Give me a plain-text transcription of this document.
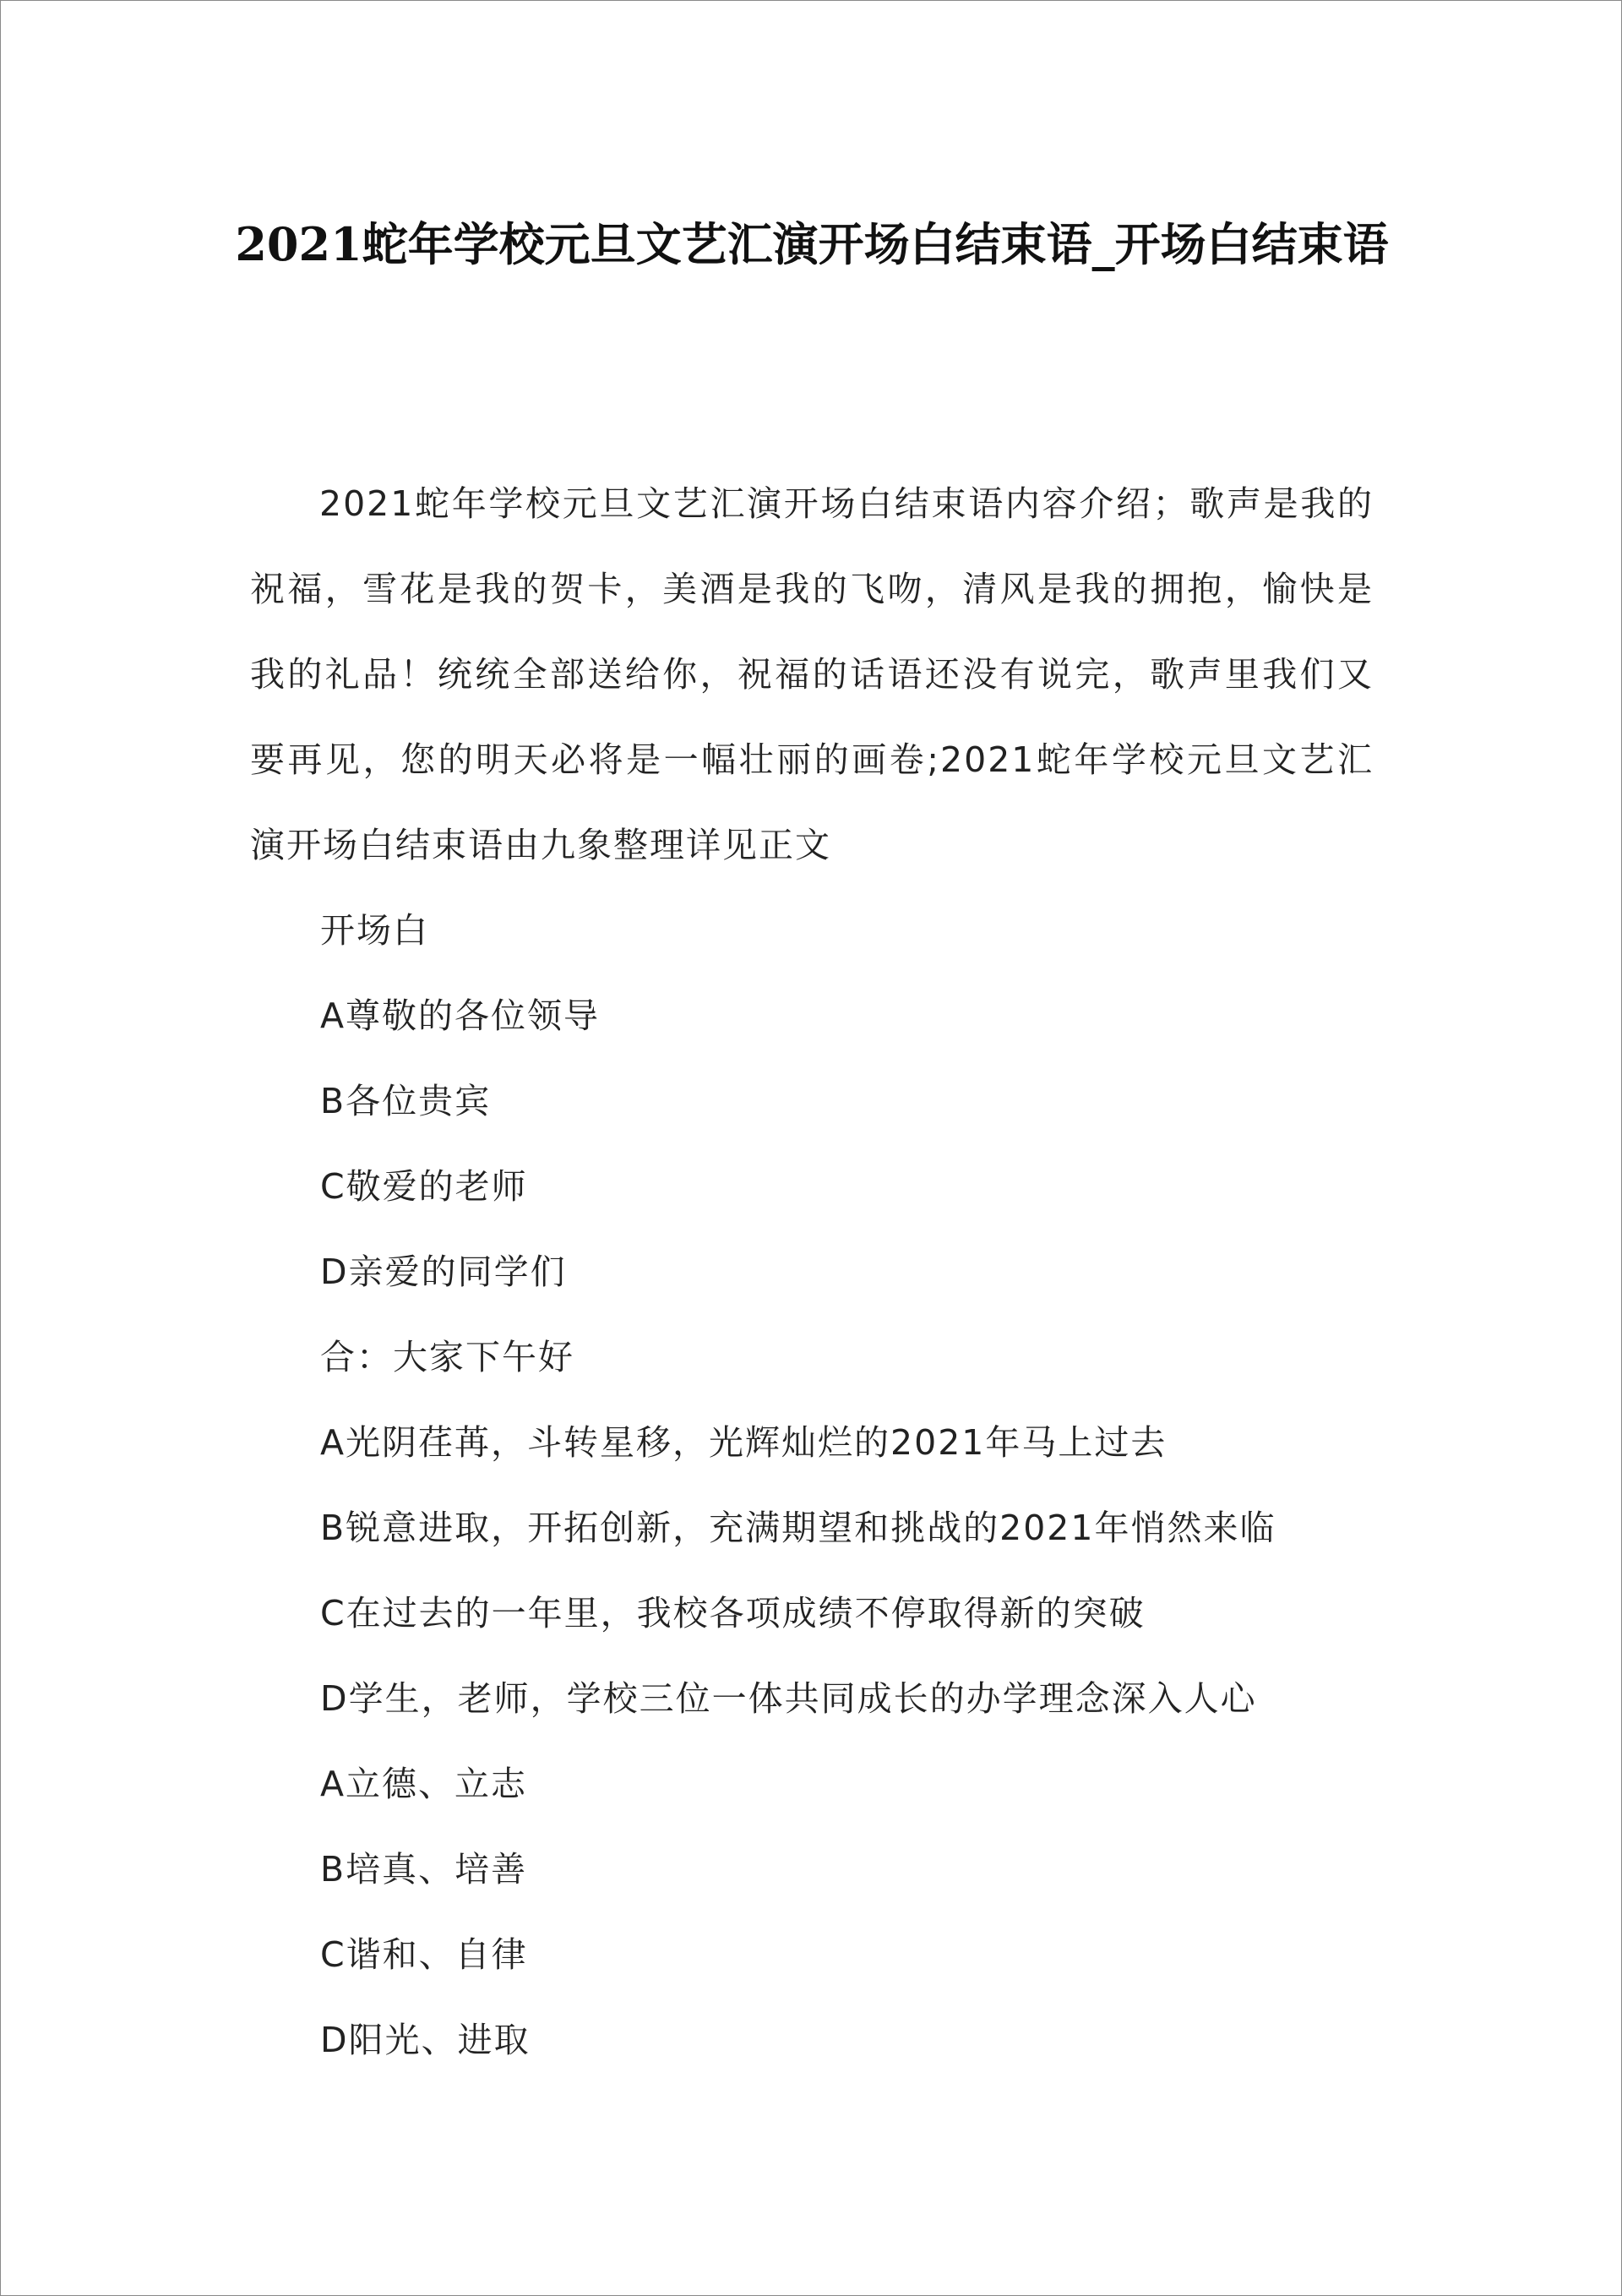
2021蛇年学校元旦文艺汇演开场白结束语_开场白结束语

2021蛇年学校元旦文艺汇演开场白结束语内容介绍；歌声是我的祝福，雪花是我的贺卡，美酒是我的飞吻，清风是我的拥抱，愉快是我的礼品！统统全部送给你，祝福的话语还没有说完，歌声里我们又要再见，您的明天必将是一幅壮丽的画卷;2021蛇年学校元旦文艺汇演开场白结束语由九象整理详见正文

开场白

A尊敬的各位领导

B各位贵宾

C敬爱的老师

D亲爱的同学们

合：大家下午好

A光阴荏苒，斗转星移，光辉灿烂的2021年马上过去

B锐意进取，开拓创新，充满期望和挑战的2021年悄然来临

C在过去的一年里，我校各项成绩不停取得新的突破

D学生，老师，学校三位一体共同成长的办学理念深入人心

A立德、立志

B培真、培善

C谐和、自律

D阳光、进取
